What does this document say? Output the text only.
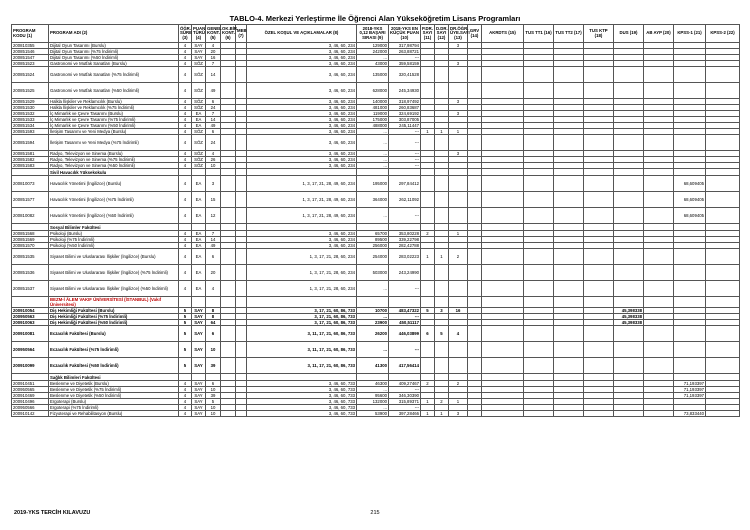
TABLO-4. Merkezi Yerleştirme İle Öğrenci Alan Yükseköğretim Lisans Programları
PROGRAM KODU (1)	PROGRAM ADI (2)	ÖĞR. SÜRE (3)	PUAN TÜRÜ (4)	GENEL KONT. (5)	OK.BİR. KONT. (6)	MEB (7)	ÖZEL KOŞUL VE AÇIKLAMALAR (8)	2018-YKS 0,12 BAŞARI SIRASI (9)	2018-YKS EN KÜÇÜK PUAN (10)	P.DR. SAYI (11)	D.DR. SAYI (12)	DR.ÖĞR. ÜYE.SAYI (13)	GRV (14)	AKRDTS (15)	TUS TT1 (16)	TUS TT2 (17)	TUS KTP (18)	DUS (19)	AB AYP (20)	KPSS-1 (21)	KPSS-2 (22)
200810355	Dijital Oyun Tasarımı (Burslu)	4	SAY	4			3, 46, 60, 234	129000	317,98794			3									
200851546	Dijital Oyun Tasarımı (%75 İndirimli)	4	SAY	20			3, 46, 60, 234	242000	263,88721												
200851547	Dijital Oyun Tasarımı (%50 İndirimli)	4	SAY	16			3, 46, 60, 234	...	---												
200851523	Gastronomi ve Mutfak Sanatları (Burslu)	4	SÖZ	7			3, 46, 60, 234	43000	359,58159			3									
200851524	Gastronomi ve Mutfak Sanatları (%75 İndirimli)	4	SÖZ	14			3, 46, 60, 234	135000	320,41528												
200851525	Gastronomi ve Mutfak Sanatları (%50 İndirimli)	4	SÖZ	49			3, 46, 60, 234	628000	245,34930												
200851529	Halkla İlişkiler ve Reklamcılık (Burslu)	4	SÖZ	6			3, 46, 60, 234	140000	318,97492			3									
200851530	Halkla İlişkiler ve Reklamcılık (%75 İndirimli)	4	SÖZ	24			3, 46, 60, 234	481000	260,83687												
200851532	İç Mimarlık ve Çevre Tasarımı (Burslu)	4	EA	7			3, 46, 60, 234	119000	324,69192			3									
200851533	İç Mimarlık ve Çevre Tasarımı (%75 İndirimli)	4	EA	14			3, 46, 60, 234	175000	303,87005												
200851534	İç Mimarlık ve Çevre Tasarımı (%50 İndirimli)	4	EA	49			3, 46, 60, 234	488000	245,11447												
200851593	İletişim Tasarımı ve Yeni Medya (Burslu)	4	SÖZ	6			3, 46, 60, 234	...	---	1	1	1									
200851594	İletişim Tasarımı ve Yeni Medya (%75 İndirimli)	4	SÖZ	24			3, 46, 60, 234	...	---												
200851581	Radyo, Televizyon ve Sinema (Burslu)	4	SÖZ	4			3, 46, 60, 234	...	---			3									
200851582	Radyo, Televizyon ve Sinema (%75 İndirimli)	4	SÖZ	26			3, 46, 60, 234	...	---												
200851583	Radyo, Televizyon ve Sinema (%50 İndirimli)	4	SÖZ	10			3, 46, 60, 234	...	---												
	Sivil Havacılık Yüksekokulu																				
200810073	Havacılık Yönetimi (İngilizce) (Burslu)	4	EA	3			1, 3, 17, 21, 28, 49, 60, 234	195000	297,84412											68,609405	
200851577	Havacılık Yönetimi (İngilizce) (%75 İndirimli)	4	EA	15			1, 3, 17, 21, 28, 49, 60, 234	364000	262,11092											68,609405	
200810082	Havacılık Yönetimi (İngilizce) (%50 İndirimli)	4	EA	12			1, 3, 17, 21, 28, 49, 60, 234	...	---											68,609405	
	Sosyal Bilimler Fakültesi																				
200851568	Psikoloji (Burslu)	4	EA	7			3, 46, 60, 234	65700	353,80228	2		1									
200851569	Psikoloji (%75 İndirimli)	4	EA	14			3, 46, 60, 234	89500	339,22798												
200851570	Psikoloji (%50 İndirimli)	4	EA	49			3, 46, 60, 234	256000	282,42788												
200851535	Siyaset Bilimi ve Uluslararası İlişkiler (İngilizce) (Burslu)	4	EA	6			1, 3, 17, 21, 28, 60, 234	254000	283,02223	1	1	2									
200851536	Siyaset Bilimi ve Uluslararası İlişkiler (İngilizce) (%75 İndirimli)	4	EA	20			1, 3, 17, 21, 28, 60, 234	503000	243,24990												
200851537	Siyaset Bilimi ve Uluslararası İlişkiler (İngilizce) (%50 İndirimli)	4	EA	4			1, 3, 17, 21, 28, 60, 234	...	---												
	BEZM-İ ÂLEM VAKIF ÜNİVERSİTESİ (İSTANBUL) (Vakıf Üniversitesi)																				
200910054	Diş Hekimliği Fakültesi (Burslu)	5	SAY	8			3, 17, 21, 60, 86, 733	10700	483,47322	5	3	16						45,398338			
200950563	Diş Hekimliği Fakültesi (%75 İndirimli)	5	SAY	8			3, 17, 21, 60, 86, 733	...	---									45,398338			
200910063	Diş Hekimliği Fakültesi (%50 İndirimli)	5	SAY	64			3, 17, 21, 60, 86, 733	23900	450,51117									45,398338			
200910081	Eczacılık Fakültesi (Burslu)	5	SAY	6			3, 11, 17, 21, 60, 86, 733	26200	446,03899	6	5	4									
200950564	Eczacılık Fakültesi (%75 İndirimli)	5	SAY	10			3, 11, 17, 21, 60, 86, 733	...	---												
200910099	Eczacılık Fakültesi (%50 İndirimli)	5	SAY	39			3, 11, 17, 21, 60, 86, 733	41300	417,56414												
	Sağlık Bilimleri Fakültesi																				
200910451	Beslenme ve Diyetetik (Burslu)	4	SAY	6			3, 46, 60, 733	46300	409,27467	2		2								71,193397	
200950565	Beslenme ve Diyetetik (%75 İndirimli)	4	SAY	10			3, 46, 60, 733	...	---											71,193397	
200910469	Beslenme ve Diyetetik (%50 İndirimli)	4	SAY	39			3, 46, 60, 733	95600	346,30390											71,193397	
200910496	Ergoterapi (Burslu)	4	SAY	5			3, 46, 60, 733	132000	315,89371	1	2	1									
200950566	Ergoterapi (%75 İndirimli)	4	SAY	10			3, 46, 60, 733	...	---												
200910142	Fizyoterapi ve Rehabilitasyon (Burslu)	4	SAY	10			3, 46, 60, 733	53900	397,28466	1	1	3								73,833440	
2019-YKS TERCİH KILAVUZU	215
